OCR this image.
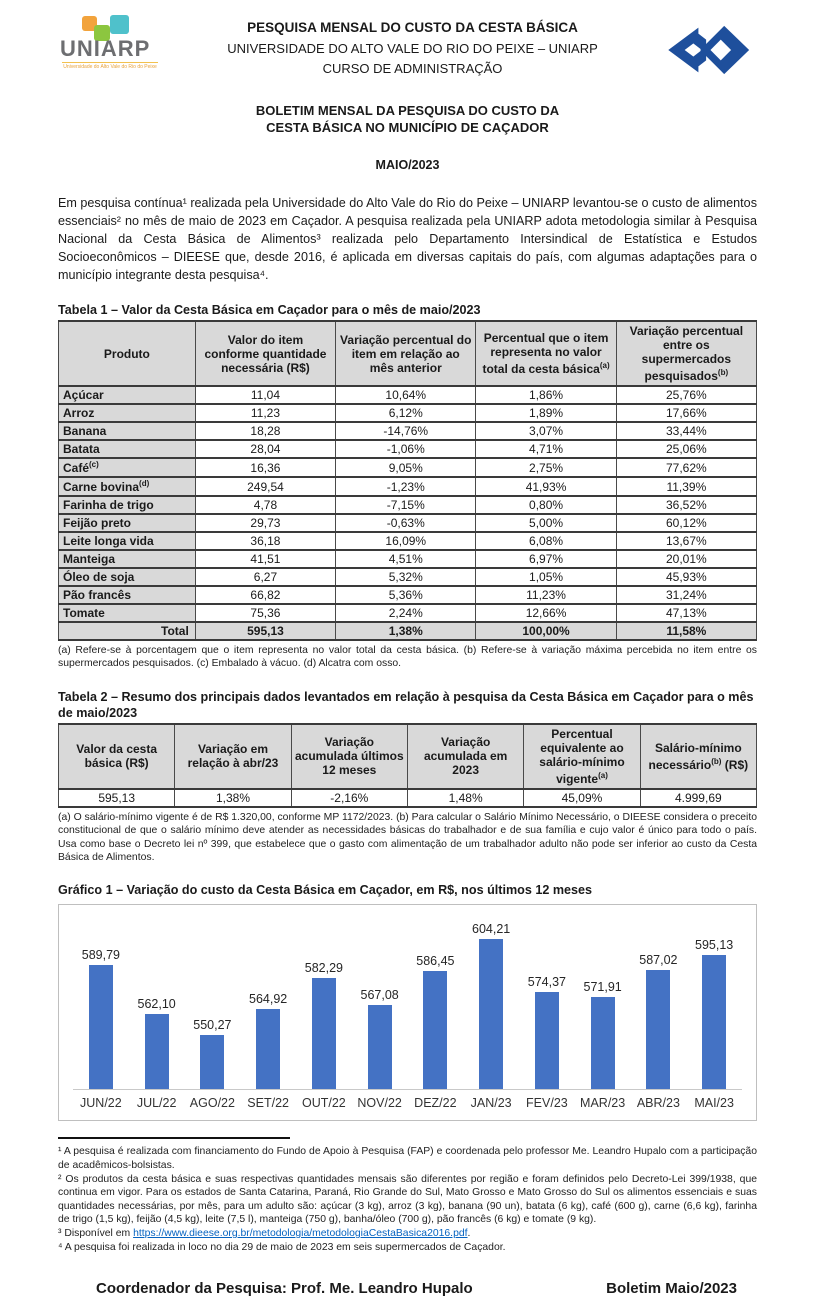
UNIARP
Universidade do Alto Vale do Rio do Peixe
PESQUISA MENSAL DO CUSTO DA CESTA BÁSICA
UNIVERSIDADE DO ALTO VALE DO RIO DO PEIXE – UNIARP
CURSO DE ADMINISTRAÇÃO
BOLETIM MENSAL DA PESQUISA DO CUSTO DA
CESTA BÁSICA NO MUNICÍPIO DE CAÇADOR
MAIO/2023

Em pesquisa contínua¹ realizada pela Universidade do Alto Vale do Rio do Peixe – UNIARP levantou-se o custo de alimentos essenciais² no mês de maio de 2023 em Caçador. A pesquisa realizada pela UNIARP adota metodologia similar à Pesquisa Nacional da Cesta Básica de Alimentos³ realizada pelo Departamento Intersindical de Estatística e Estudos Socioeconômicos – DIEESE que, desde 2016, é aplicada em diversas capitais do país, com algumas adaptações para o município integrante desta pesquisa⁴.

Tabela 1 – Valor da Cesta Básica em Caçador para o mês de maio/2023
Produto	Valor do item conforme quantidade necessária (R$)	Variação percentual do item em relação ao mês anterior	Percentual que o item representa no valor total da cesta básica$^{(a)}$	Variação percentual entre os supermercados pesquisados$^{(b)}$
Açúcar	11,04	10,64%	1,86%	25,76%
Arroz	11,23	6,12%	1,89%	17,66%
Banana	18,28	-14,76%	3,07%	33,44%
Batata	28,04	-1,06%	4,71%	25,06%
Café$^{(c)}$	16,36	9,05%	2,75%	77,62%
Carne bovina$^{(d)}$	249,54	-1,23%	41,93%	11,39%
Farinha de trigo	4,78	-7,15%	0,80%	36,52%
Feijão preto	29,73	-0,63%	5,00%	60,12%
Leite longa vida	36,18	16,09%	6,08%	13,67%
Manteiga	41,51	4,51%	6,97%	20,01%
Óleo de soja	6,27	5,32%	1,05%	45,93%
Pão francês	66,82	5,36%	11,23%	31,24%
Tomate	75,36	2,24%	12,66%	47,13%
Total	595,13	1,38%	100,00%	11,58%
(a) Refere-se à porcentagem que o item representa no valor total da cesta básica. (b) Refere-se à variação máxima percebida no item entre os supermercados pesquisados. (c) Embalado à vácuo. (d) Alcatra com osso.
Tabela 2 – Resumo dos principais dados levantados em relação à pesquisa da Cesta Básica em Caçador para o mês de maio/2023
Valor da cesta básica (R$)	Variação em relação à abr/23	Variação acumulada últimos 12 meses	Variação acumulada em 2023	Percentual equivalente ao salário-mínimo vigente$^{(a)}$	Salário-mínimo necessário$^{(b)}$ (R$)
595,13	1,38%	-2,16%	1,48%	45,09%	4.999,69
(a) O salário-mínimo vigente é de R$ 1.320,00, conforme MP 1172/2023. (b) Para calcular o Salário Mínimo Necessário, o DIEESE considera o preceito constitucional de que o salário mínimo deve atender as necessidades básicas do trabalhador e de sua família e cujo valor é único para todo o país. Usa como base o Decreto lei nº 399, que estabelece que o gasto com alimentação de um trabalhador adulto não pode ser inferior ao custo da Cesta Básica de Alimentos.
Gráfico 1 – Variação do custo da Cesta Básica em Caçador, em R$, nos últimos 12 meses
589,79
562,10
550,27
564,92
582,29
567,08
586,45
604,21
574,37 571,91
587,02
595,13
JUN/22	JUL/22	AGO/22 SET/22	OUT/22 NOV/22 DEZ/22	JAN/23	FEV/23 MAR/23 ABR/23	MAI/23

¹ A pesquisa é realizada com financiamento do Fundo de Apoio à Pesquisa (FAP) e coordenada pelo professor Me. Leandro Hupalo com a participação de acadêmicos-bolsistas.

² Os produtos da cesta básica e suas respectivas quantidades mensais são diferentes por região e foram definidos pelo Decreto-Lei 399/1938, que continua em vigor. Para os estados de Santa Catarina, Paraná, Rio Grande do Sul, Mato Grosso e Mato Grosso do Sul os alimentos essenciais e suas quantidades necessárias, por mês, para um adulto são: açúcar (3 kg), arroz (3 kg), banana (90 un), batata (6 kg), café (600 g), carne (6,6 kg), farinha de trigo (1,5 kg), feijão (4,5 kg), leite (7,5 l), manteiga (750 g), banha/óleo (700 g), pão francês (6 kg) e tomate (9 kg).

³ Disponível em https://www.dieese.org.br/metodologia/metodologiaCestaBasica2016.pdf.

⁴ A pesquisa foi realizada in loco no dia 29 de maio de 2023 em seis supermercados de Caçador.

Coordenador da Pesquisa: Prof. Me. Leandro Hupalo	Boletim Maio/2023
